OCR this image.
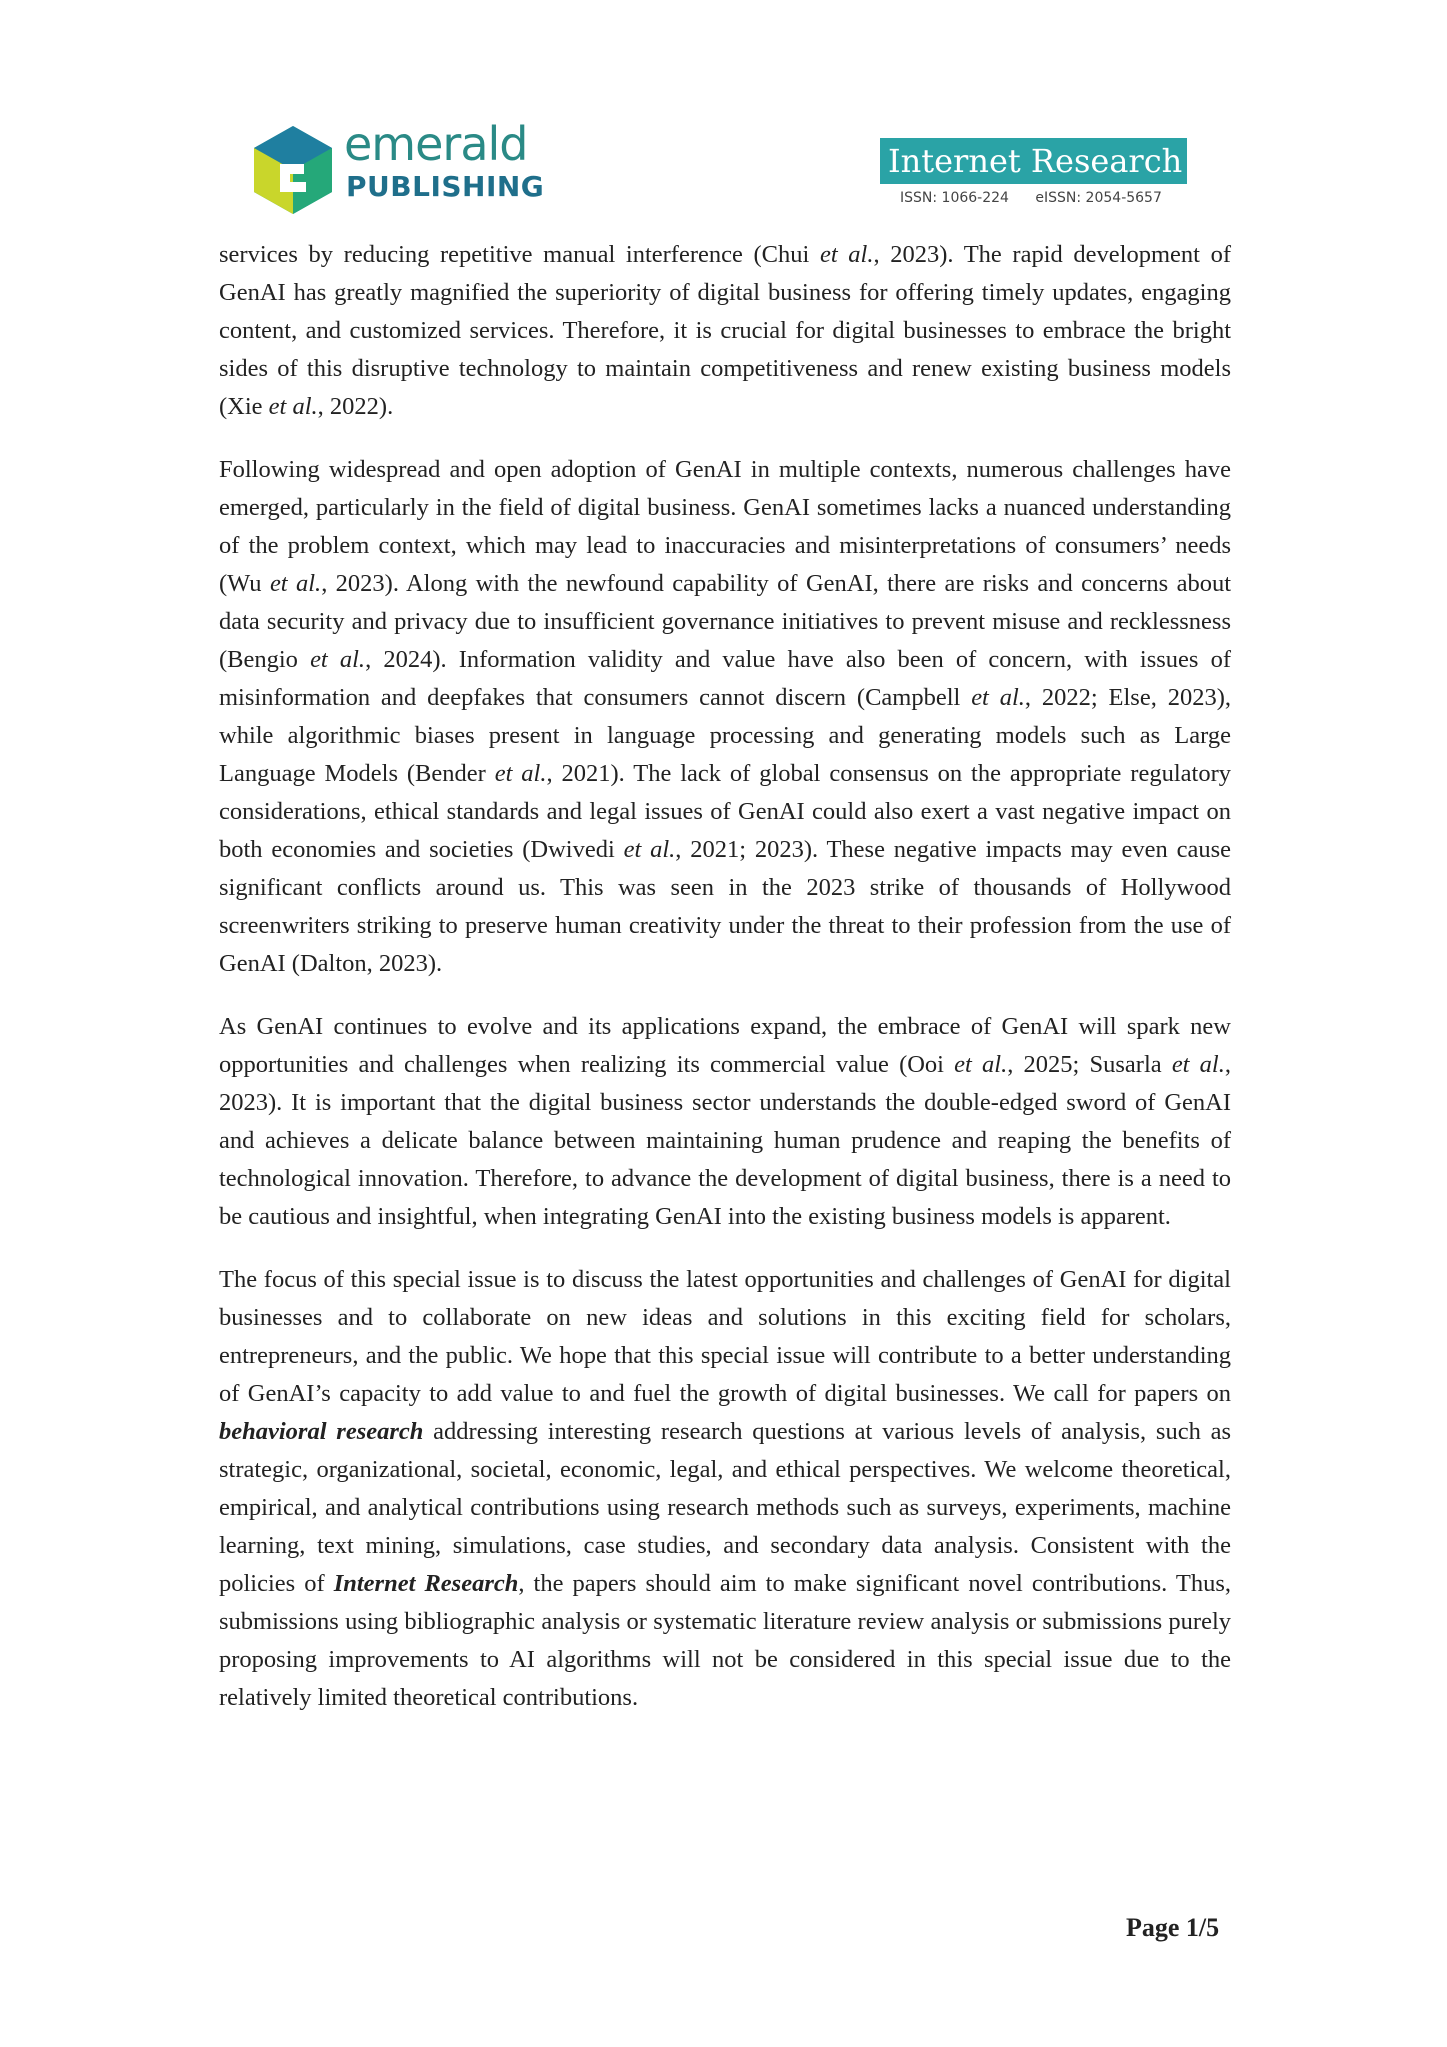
emerald
PUBLISHING
Internet Research
ISSN: 1066-224 eISSN: 2054-5657

services by reducing repetitive manual interference (Chui et al., 2023). The rapid development of GenAI has greatly magnified the superiority of digital business for offering timely updates, engaging content, and customized services. Therefore, it is crucial for digital businesses to embrace the bright sides of this disruptive technology to maintain competitiveness and renew existing business models (Xie et al., 2022).

Following widespread and open adoption of GenAI in multiple contexts, numerous challenges have emerged, particularly in the field of digital business. GenAI sometimes lacks a nuanced understanding of the problem context, which may lead to inaccuracies and misinterpretations of consumers’ needs (Wu et al., 2023). Along with the newfound capability of GenAI, there are risks and concerns about data security and privacy due to insufficient governance initiatives to prevent misuse and recklessness (Bengio et al., 2024). Information validity and value have also been of concern, with issues of misinformation and deepfakes that consumers cannot discern (Campbell et al., 2022; Else, 2023), while algorithmic biases present in language processing and generating models such as Large Language Models (Bender et al., 2021). The lack of global consensus on the appropriate regulatory considerations, ethical standards and legal issues of GenAI could also exert a vast negative impact on both economies and societies (Dwivedi et al., 2021; 2023). These negative impacts may even cause significant conflicts around us. This was seen in the 2023 strike of thousands of Hollywood screenwriters striking to preserve human creativity under the threat to their profession from the use of GenAI (Dalton, 2023).

As GenAI continues to evolve and its applications expand, the embrace of GenAI will spark new opportunities and challenges when realizing its commercial value (Ooi et al., 2025; Susarla et al., 2023). It is important that the digital business sector understands the double-edged sword of GenAI and achieves a delicate balance between maintaining human prudence and reaping the benefits of technological innovation. Therefore, to advance the development of digital business, there is a need to be cautious and insightful, when integrating GenAI into the existing business models is apparent.

The focus of this special issue is to discuss the latest opportunities and challenges of GenAI for digital businesses and to collaborate on new ideas and solutions in this exciting field for scholars, entrepreneurs, and the public. We hope that this special issue will contribute to a better understanding of GenAI’s capacity to add value to and fuel the growth of digital businesses. We call for papers on behavioral research addressing interesting research questions at various levels of analysis, such as strategic, organizational, societal, economic, legal, and ethical perspectives. We welcome theoretical, empirical, and analytical contributions using research methods such as surveys, experiments, machine learning, text mining, simulations, case studies, and secondary data analysis. Consistent with the policies of Internet Research, the papers should aim to make significant novel contributions. Thus, submissions using bibliographic analysis or systematic literature review analysis or submissions purely proposing improvements to AI algorithms will not be considered in this special issue due to the relatively limited theoretical contributions.

Page 1/5
